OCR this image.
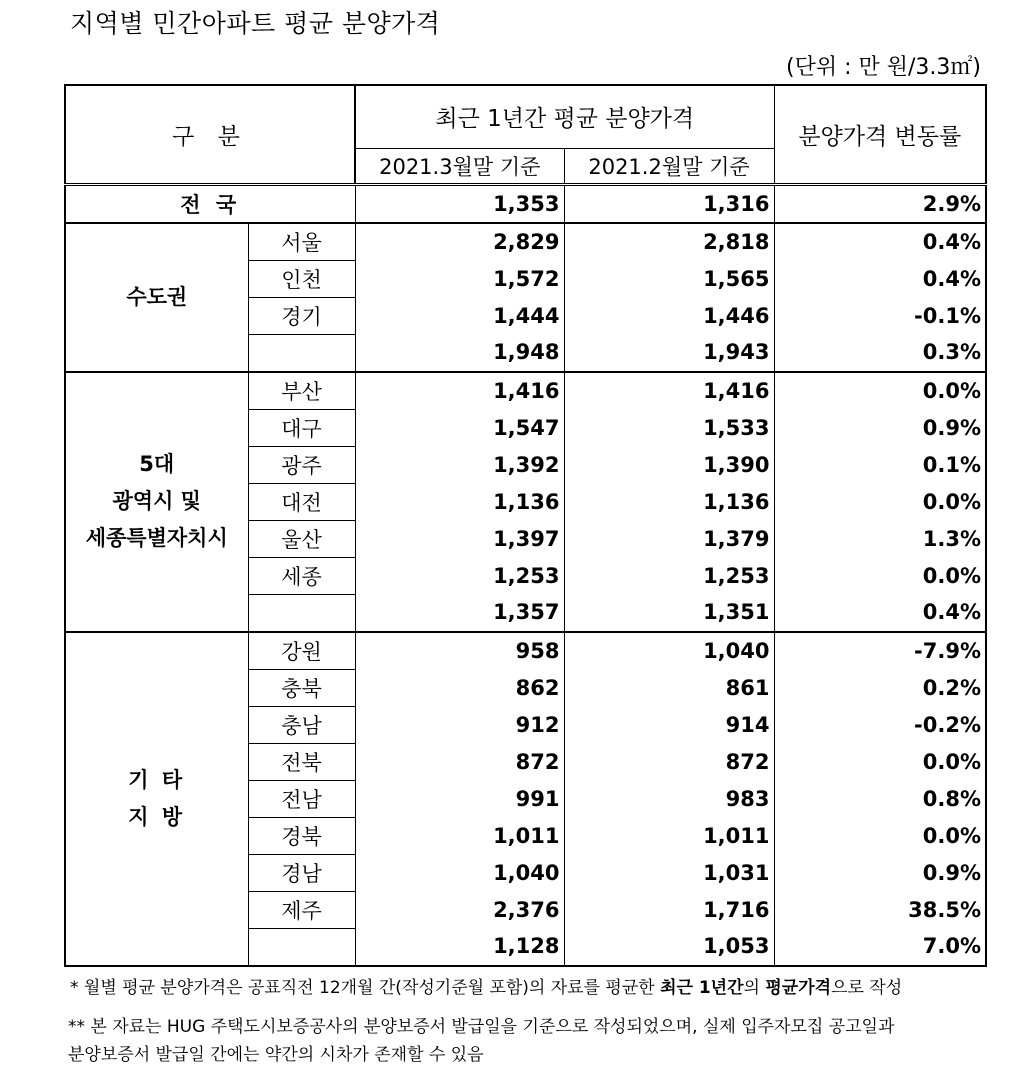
지역별 민간아파트 평균 분양가격
(단위 : 만 원/3.3㎡)
구 분		최근 1년간 평균 분양가격		분양가격 변동률
		2021.3월말 기준	2021.2월말 기준	
전 국		1,353	1,316	2.9%
수도권	서울	2,829	2,818	0.4%
	인천	1,572	1,565	0.4%
	경기	1,444	1,446	-0.1%
		1,948	1,943	0.3%

5대
광역시 및
세종특별자치시	부산	1,416	1,416	0.0%
	대구	1,547	1,533	0.9%
	광주	1,392	1,390	0.1%
	대전	1,136	1,136	0.0%
	울산	1,397	1,379	1.3%
	세종	1,253	1,253	0.0%
		1,357	1,351	0.4%

기 타
지 방	강원	958	1,040	-7.9%
	충북	862	861	0.2%
	충남	912	914	-0.2%
	전북	872	872	0.0%
	전남	991	983	0.8%
	경북	1,011	1,011	0.0%
	경남	1,040	1,031	0.9%
	제주	2,376	1,716	38.5%
		1,128	1,053	7.0%
* 월별 평균 분양가격은 공표직전 12개월 간(작성기준월 포함)의 자료를 평균한 최근 1년간의 평균가격으로 작성
** 본 자료는 HUG 주택도시보증공사의 분양보증서 발급일을 기준으로 작성되었으며, 실제 입주자모집 공고일과
분양보증서 발급일 간에는 약간의 시차가 존재할 수 있음
